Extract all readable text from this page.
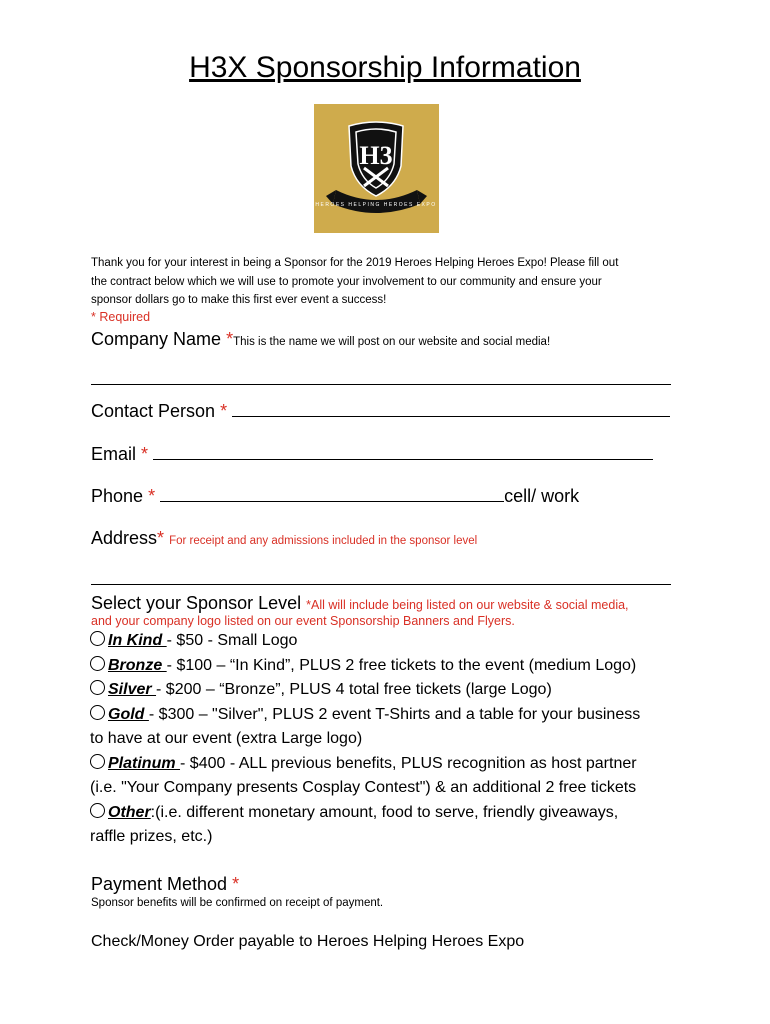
H3X Sponsorship Information
H3
HEROES HELPING HEROES EXPO
Thank you for your interest in being a Sponsor for the 2019 Heroes Helping Heroes Expo! Please fill out
the contract below which we will use to promote your involvement to our community and ensure your
sponsor dollars go to make this first ever event a success!
* Required
Company Name *This is the name we will post on our website and social media!
Contact Person *
Email *
Phone *	cell/ work
Address* For receipt and any admissions included in the sponsor level
Select your Sponsor Level *All will include being listed on our website & social media,
and your company logo listed on our event Sponsorship Banners and Flyers.
In Kind - $50 - Small Logo
Bronze - $100 – “In Kind”, PLUS 2 free tickets to the event (medium Logo)
Silver - $200 – “Bronze”, PLUS 4 total free tickets (large Logo)
Gold - $300 – "Silver", PLUS 2 event T-Shirts and a table for your business
to have at our event (extra Large logo)
Platinum - $400 - ALL previous benefits, PLUS recognition as host partner
(i.e. "Your Company presents Cosplay Contest") & an additional 2 free tickets
Other:(i.e. different monetary amount, food to serve, friendly giveaways,
raffle prizes, etc.)
Payment Method *
Sponsor benefits will be confirmed on receipt of payment.
Check/Money Order payable to Heroes Helping Heroes Expo
